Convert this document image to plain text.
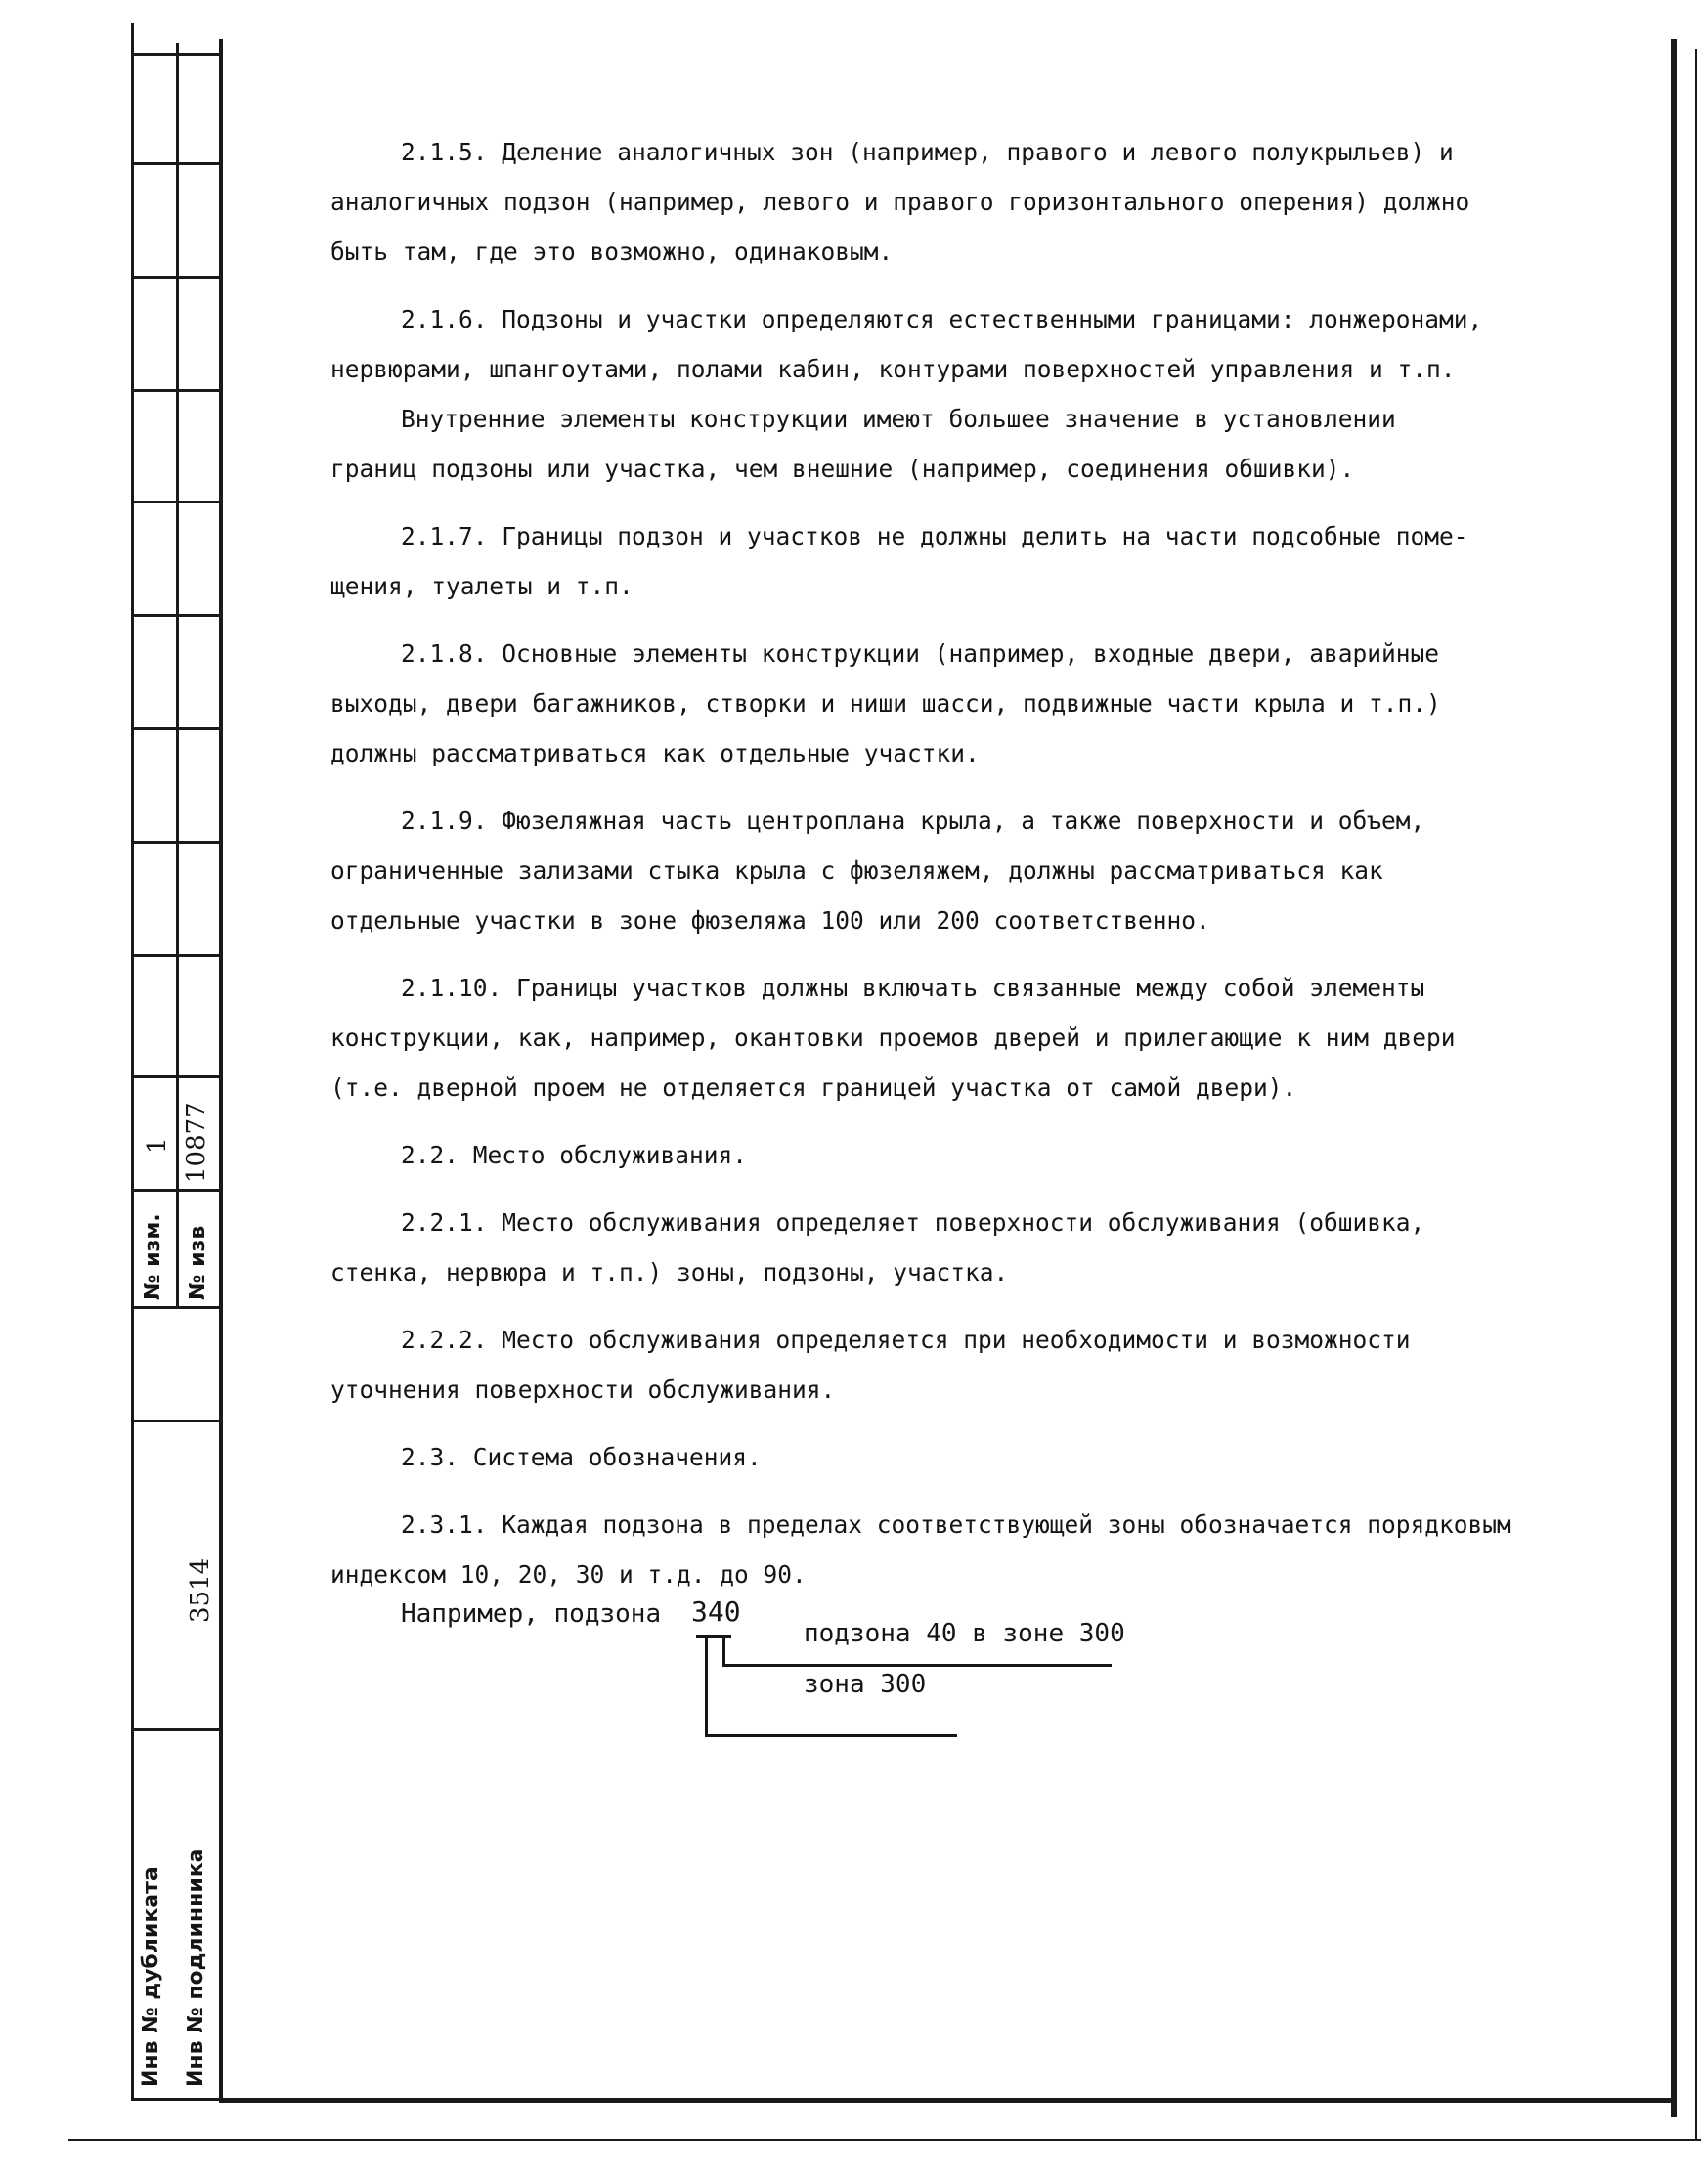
№ изм.
1
№ изв
10877
3514
Инв № дубликата Инв № подлинника
2.1.5. Деление аналогичных зон (например, правого и левого полукрыльев) и
аналогичных подзон (например, левого и правого горизонтального оперения) должно
быть там, где это возможно, одинаковым.
2.1.6. Подзоны и участки определяются естественными границами: лонжеронами,
нервюрами, шпангоутами, полами кабин, контурами поверхностей управления и т.п.
Внутренние элементы конструкции имеют большее значение в установлении
границ подзоны или участка, чем внешние (например, соединения обшивки).
2.1.7. Границы подзон и участков не должны делить на части подсобные поме-
щения, туалеты и т.п.
2.1.8. Основные элементы конструкции (например, входные двери, аварийные
выходы, двери багажников, створки и ниши шасси, подвижные части крыла и т.п.)
должны рассматриваться как отдельные участки.
2.1.9. Фюзеляжная часть центроплана крыла, а также поверхности и объем,
ограниченные зализами стыка крыла с фюзеляжем, должны рассматриваться как
отдельные участки в зоне фюзеляжа 100 или 200 соответственно.
2.1.10. Границы участков должны включать связанные между собой элементы
конструкции, как, например, окантовки проемов дверей и прилегающие к ним двери
(т.е. дверной проем не отделяется границей участка от самой двери).
2.2. Место обслуживания.
2.2.1. Место обслуживания определяет поверхности обслуживания (обшивка,
стенка, нервюра и т.п.) зоны, подзоны, участка.
2.2.2. Место обслуживания определяется при необходимости и возможности
уточнения поверхности обслуживания.
2.3. Система обозначения.
2.3.1. Каждая подзона в пределах соответствующей зоны обозначается порядковым
индексом 10, 20, 30 и т.д. до 90.
Например, подзона 340
подзона 40 в зоне 300
зона 300
